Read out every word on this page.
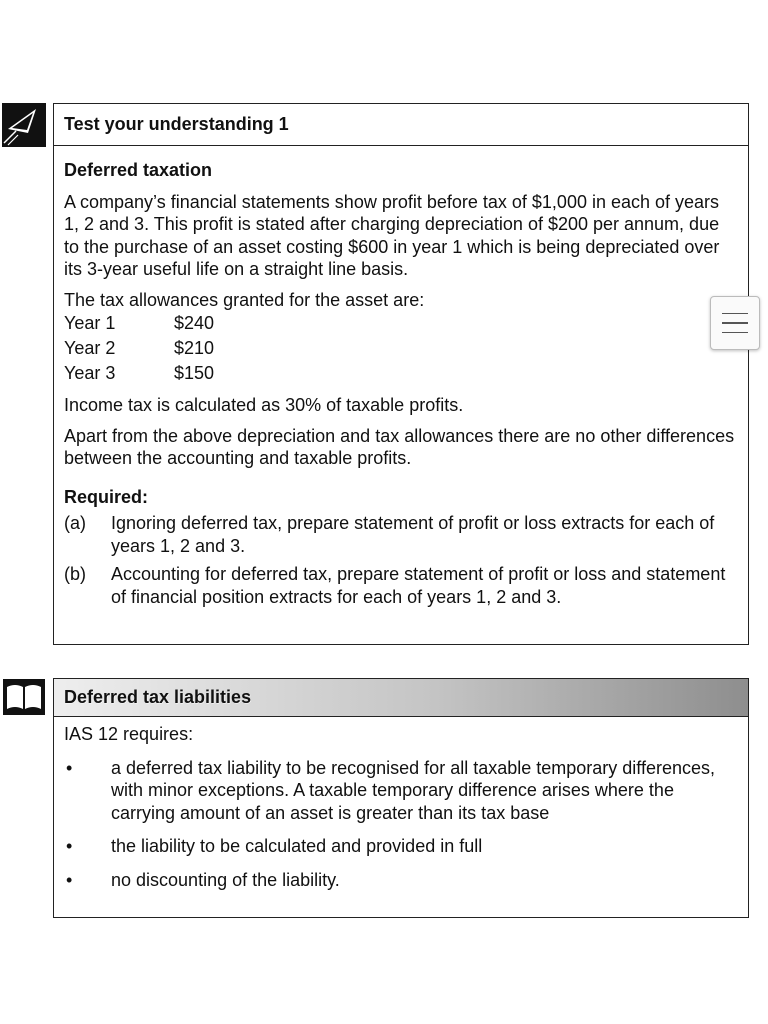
Test your understanding 1

Deferred taxation

A company’s financial statements show profit before tax of $1,000 in each of years 1, 2 and 3. This profit is stated after charging depreciation of $200 per annum, due to the purchase of an asset costing $600 in year 1 which is being depreciated over its 3-year useful life on a straight line basis.

The tax allowances granted for the asset are:

Year 1	$240
Year 2	$210
Year 3	$150

Income tax is calculated as 30% of taxable profits.

Apart from the above depreciation and tax allowances there are no other differences between the accounting and taxable profits.

Required:

(a)	Ignoring deferred tax, prepare statement of profit or loss extracts for each of years 1, 2 and 3.
(b)	Accounting for deferred tax, prepare statement of profit or loss and statement of financial position extracts for each of years 1, 2 and 3.
Deferred tax liabilities

IAS 12 requires:

•	a deferred tax liability to be recognised for all taxable temporary differences, with minor exceptions. A taxable temporary difference arises where the carrying amount of an asset is greater than its tax base
•	the liability to be calculated and provided in full
•	no discounting of the liability.
